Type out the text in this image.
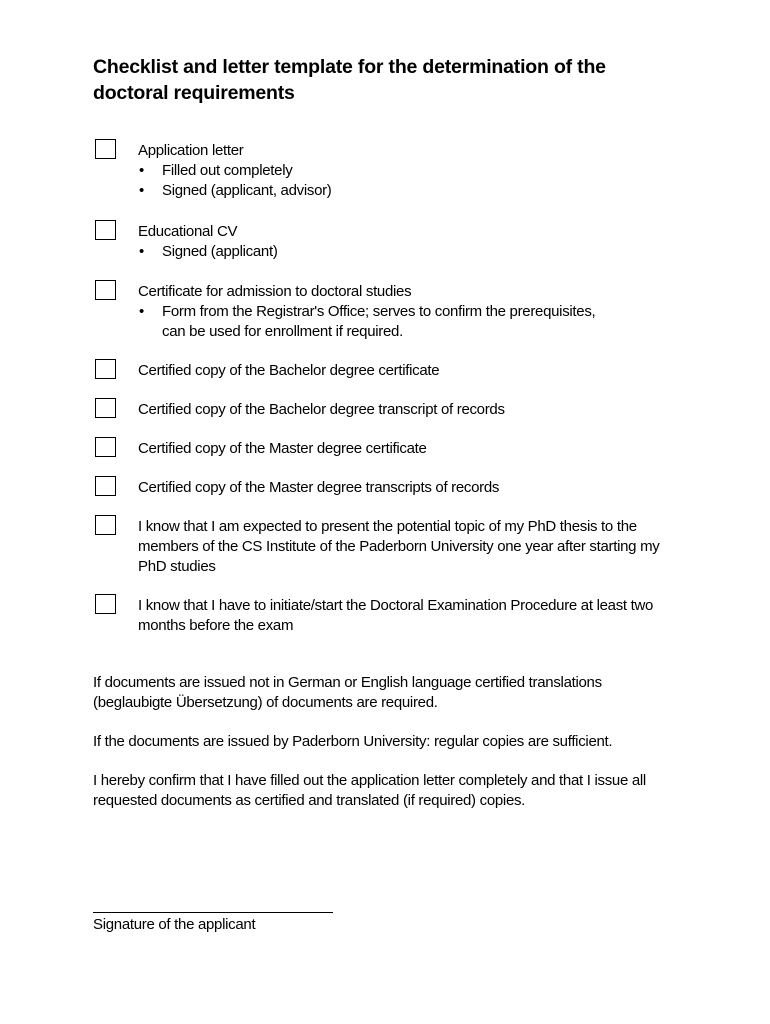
Checklist and letter template for the determination of the doctoral requirements
Application letter
• Filled out completely
• Signed (applicant, advisor)
Educational CV
• Signed (applicant)
Certificate for admission to doctoral studies
• Form from the Registrar's Office; serves to confirm the prerequisites, can be used for enrollment if required.
Certified copy of the Bachelor degree certificate
Certified copy of the Bachelor degree transcript of records
Certified copy of the Master degree certificate
Certified copy of the Master degree transcripts of records
I know that I am expected to present the potential topic of my PhD thesis to the members of the CS Institute of the Paderborn University one year after starting my PhD studies
I know that I have to initiate/start the Doctoral Examination Procedure at least two months before the exam
If documents are issued not in German or English language certified translations (beglaubigte Übersetzung) of documents are required.
If the documents are issued by Paderborn University: regular copies are sufficient.
I hereby confirm that I have filled out the application letter completely and that I issue all requested documents as certified and translated (if required) copies.
Signature of the applicant
